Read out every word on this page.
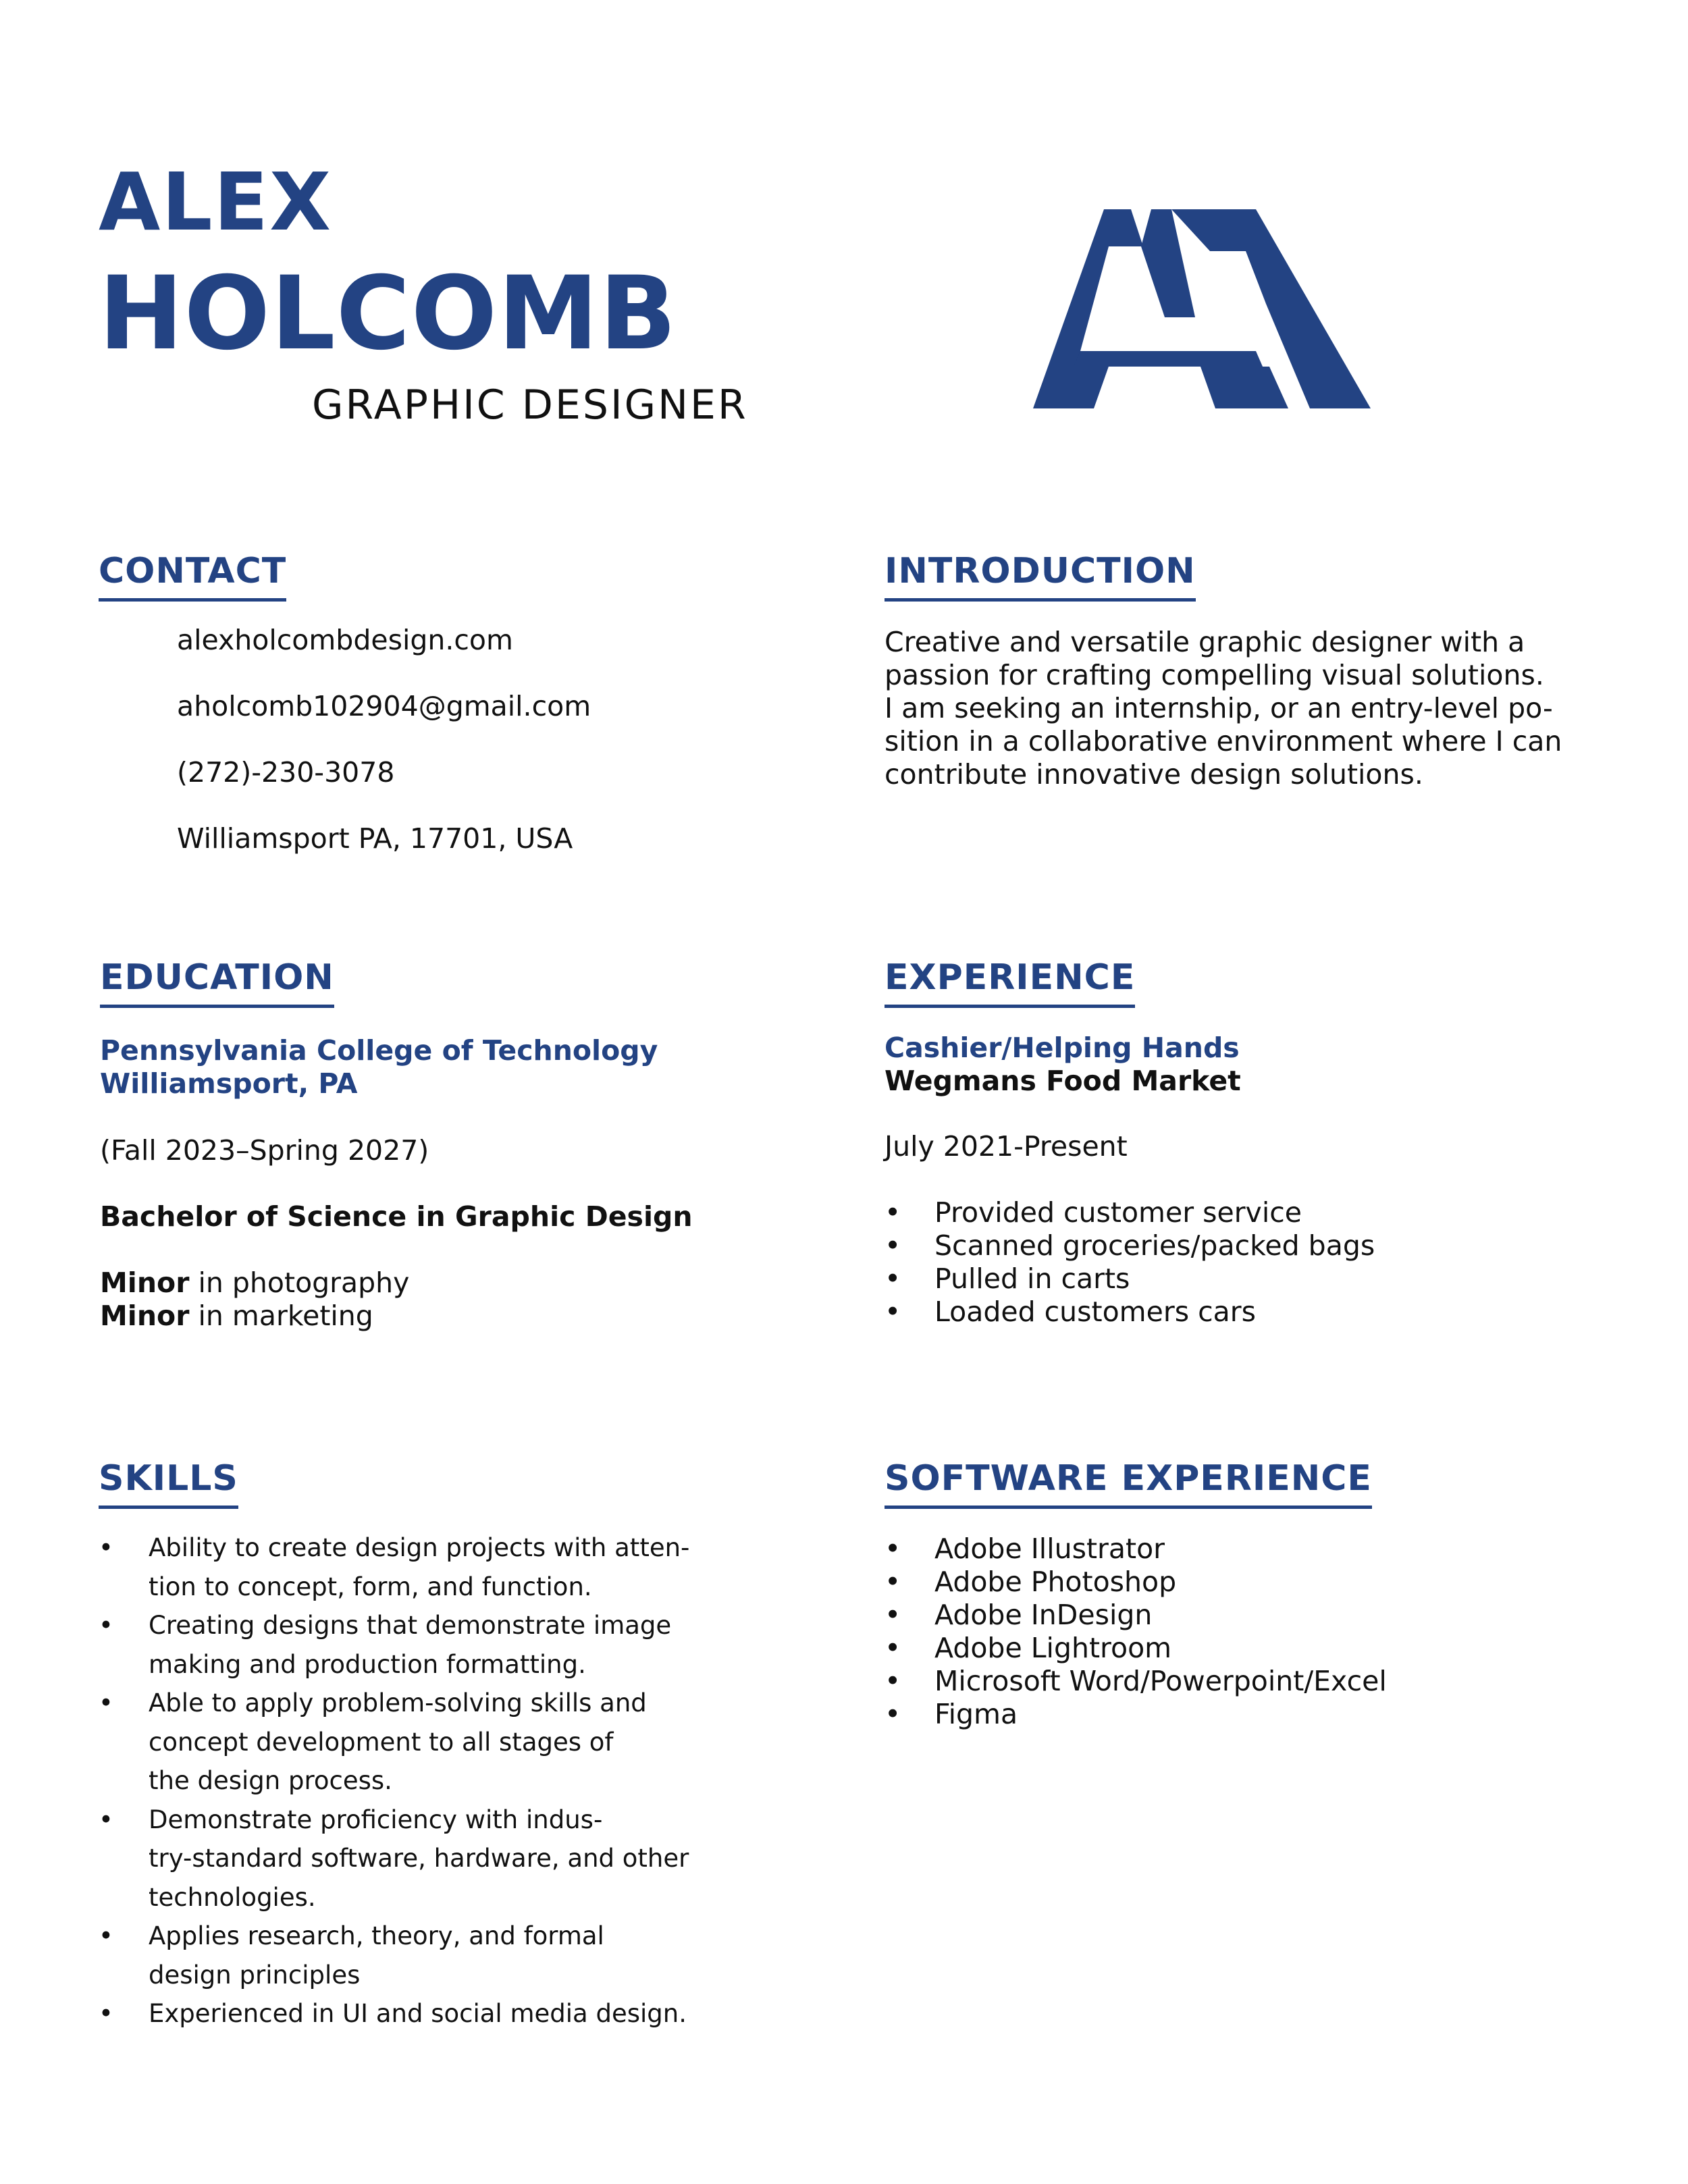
ALEX
HOLCOMB
GRAPHIC DESIGNER
CONTACT
alexholcombdesign.com
aholcomb102904@gmail.com
(272)-230-3078
Williamsport PA, 17701, USA
INTRODUCTION
Creative and versatile graphic designer with a
passion for crafting compelling visual solutions.
I am seeking an internship, or an entry-level po-
sition in a collaborative environment where I can
contribute innovative design solutions.
EDUCATION
Pennsylvania College of Technology
Williamsport, PA
(Fall 2023–Spring 2027)
Bachelor of Science in Graphic Design
Minor in photography
Minor in marketing
EXPERIENCE
Cashier/Helping Hands
Wegmans Food Market
July 2021-Present
• Provided customer service
• Scanned groceries/packed bags
• Pulled in carts
• Loaded customers cars
SKILLS
• Ability to create design projects with atten-
tion to concept, form, and function.
• Creating designs that demonstrate image
making and production formatting.
• Able to apply problem-solving skills and
concept development to all stages of
the design process.
• Demonstrate proficiency with indus-
try-standard software, hardware, and other
technologies.
• Applies research, theory, and formal
design principles
• Experienced in UI and social media design.
SOFTWARE EXPERIENCE
• Adobe Illustrator
• Adobe Photoshop
• Adobe InDesign
• Adobe Lightroom
• Microsoft Word/Powerpoint/Excel
• Figma
